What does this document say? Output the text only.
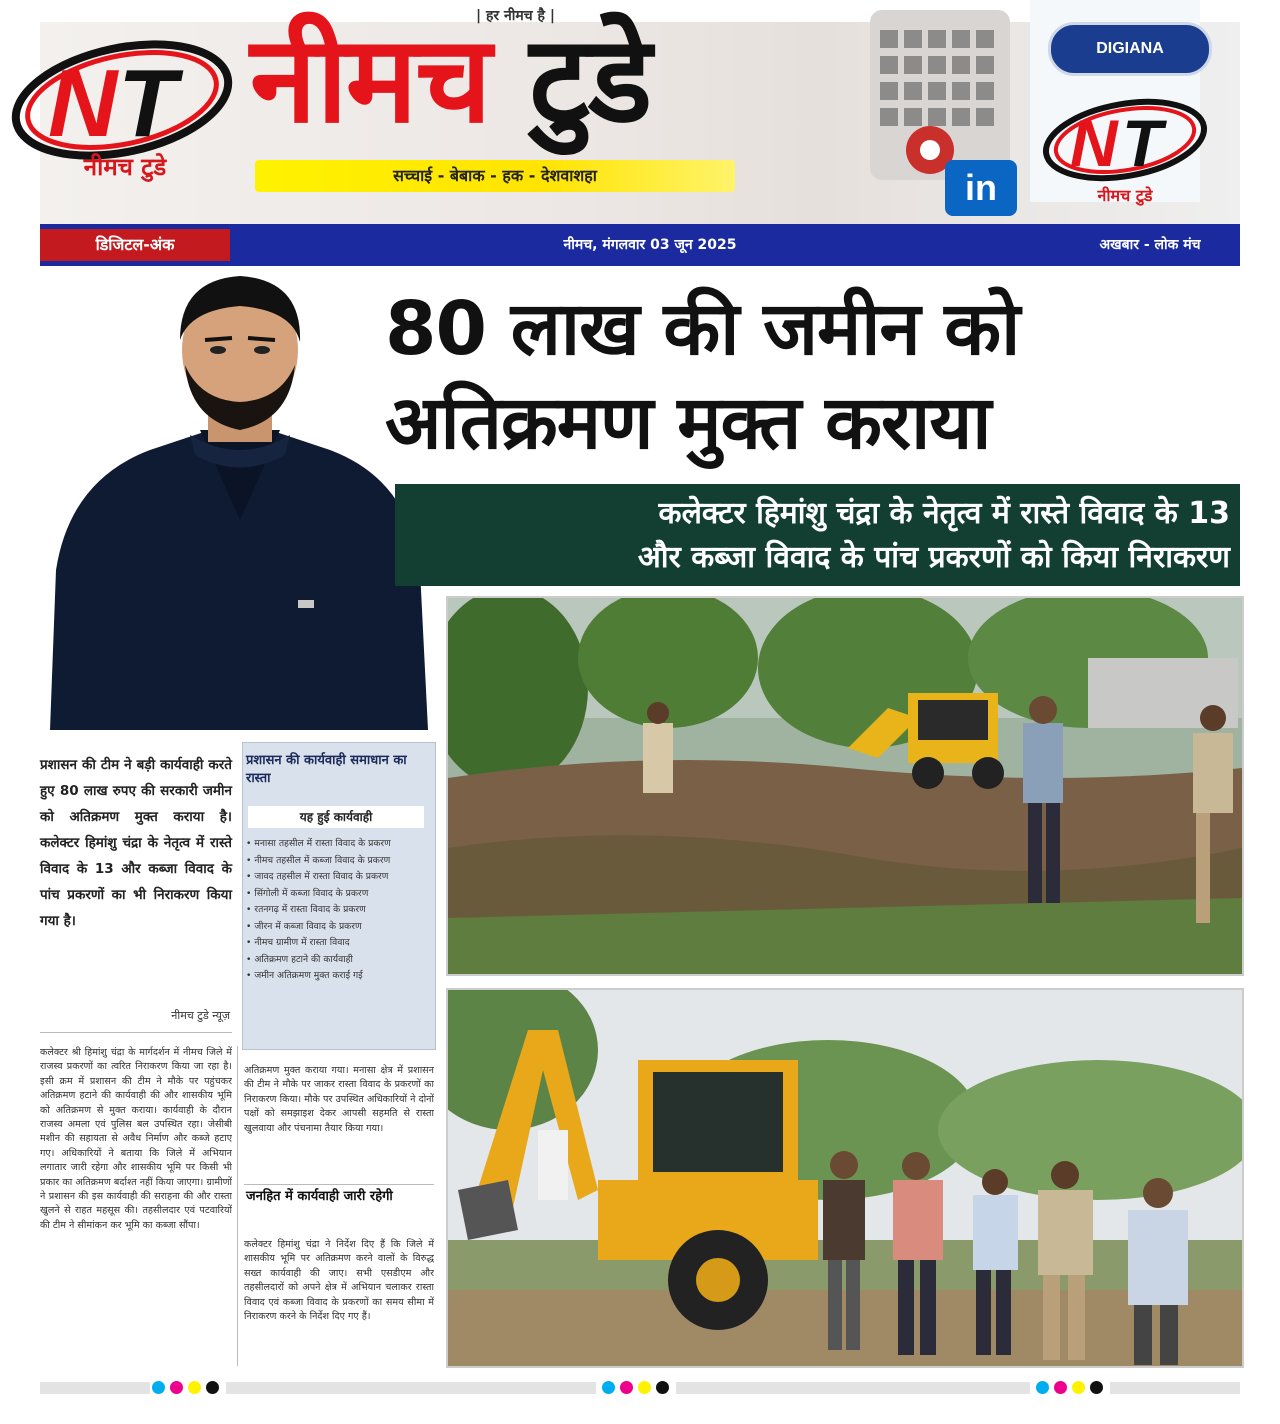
N T
नीमच टुडे
नीमच टुडे
| हर नीमच है |
सच्चाई - बेबाक - हक - देशवाशहा	in
DIGIANA
N T
नीमच टुडे
डिजिटल-अंक	नीमच, मंगलवार 03 जून 2025	अखबार - लोक मंच
80 लाख की जमीन को
अतिक्रमण मुक्त कराया
कलेक्टर हिमांशु चंद्रा के नेतृत्व में रास्ते विवाद के 13
और कब्जा विवाद के पांच प्रकरणों को किया निराकरण
प्रशासन की टीम ने बड़ी कार्यवाही करते हुए 80 लाख रुपए की सरकारी जमीन को अतिक्रमण मुक्त कराया है। कलेक्टर हिमांशु चंद्रा के नेतृत्व में रास्ते विवाद के 13 और कब्जा विवाद के पांच प्रकरणों का भी निराकरण किया गया है।
नीमच टुडे न्यूज़
प्रशासन की कार्यवाही समाधान का रास्ता
यह हुई कार्यवाही
• मनासा तहसील में रास्ता विवाद के प्रकरण
• नीमच तहसील में कब्जा विवाद के प्रकरण
• जावद तहसील में रास्ता विवाद के प्रकरण
• सिंगोली में कब्जा विवाद के प्रकरण
• रतनगढ़ में रास्ता विवाद के प्रकरण
• जीरन में कब्जा विवाद के प्रकरण
• नीमच ग्रामीण में रास्ता विवाद
• अतिक्रमण हटाने की कार्यवाही
• जमीन अतिक्रमण मुक्त कराई गई
कलेक्टर श्री हिमांशु चंद्रा के मार्गदर्शन में नीमच जिले में राजस्व प्रकरणों का त्वरित निराकरण किया जा रहा है। इसी क्रम में प्रशासन की टीम ने मौके पर पहुंचकर अतिक्रमण हटाने की कार्यवाही की और शासकीय भूमि को अतिक्रमण से मुक्त कराया। कार्यवाही के दौरान राजस्व अमला एवं पुलिस बल उपस्थित रहा। जेसीबी मशीन की सहायता से अवैध निर्माण और कब्जे हटाए गए। अधिकारियों ने बताया कि जिले में अभियान लगातार जारी रहेगा और शासकीय भूमि पर किसी भी प्रकार का अतिक्रमण बर्दाश्त नहीं किया जाएगा। ग्रामीणों ने प्रशासन की इस कार्यवाही की सराहना की और रास्ता खुलने से राहत महसूस की। तहसीलदार एवं पटवारियों की टीम ने सीमांकन कर भूमि का कब्जा सौंपा।
अतिक्रमण मुक्त कराया गया। मनासा क्षेत्र में प्रशासन की टीम ने मौके पर जाकर रास्ता विवाद के प्रकरणों का निराकरण किया। मौके पर उपस्थित अधिकारियों ने दोनों पक्षों को समझाइश देकर आपसी सहमति से रास्ता खुलवाया और पंचनामा तैयार किया गया।
जनहित में कार्यवाही जारी रहेगी
कलेक्टर हिमांशु चंद्रा ने निर्देश दिए हैं कि जिले में शासकीय भूमि पर अतिक्रमण करने वालों के विरुद्ध सख्त कार्यवाही की जाए। सभी एसडीएम और तहसीलदारों को अपने क्षेत्र में अभियान चलाकर रास्ता विवाद एवं कब्जा विवाद के प्रकरणों का समय सीमा में निराकरण करने के निर्देश दिए गए हैं।
